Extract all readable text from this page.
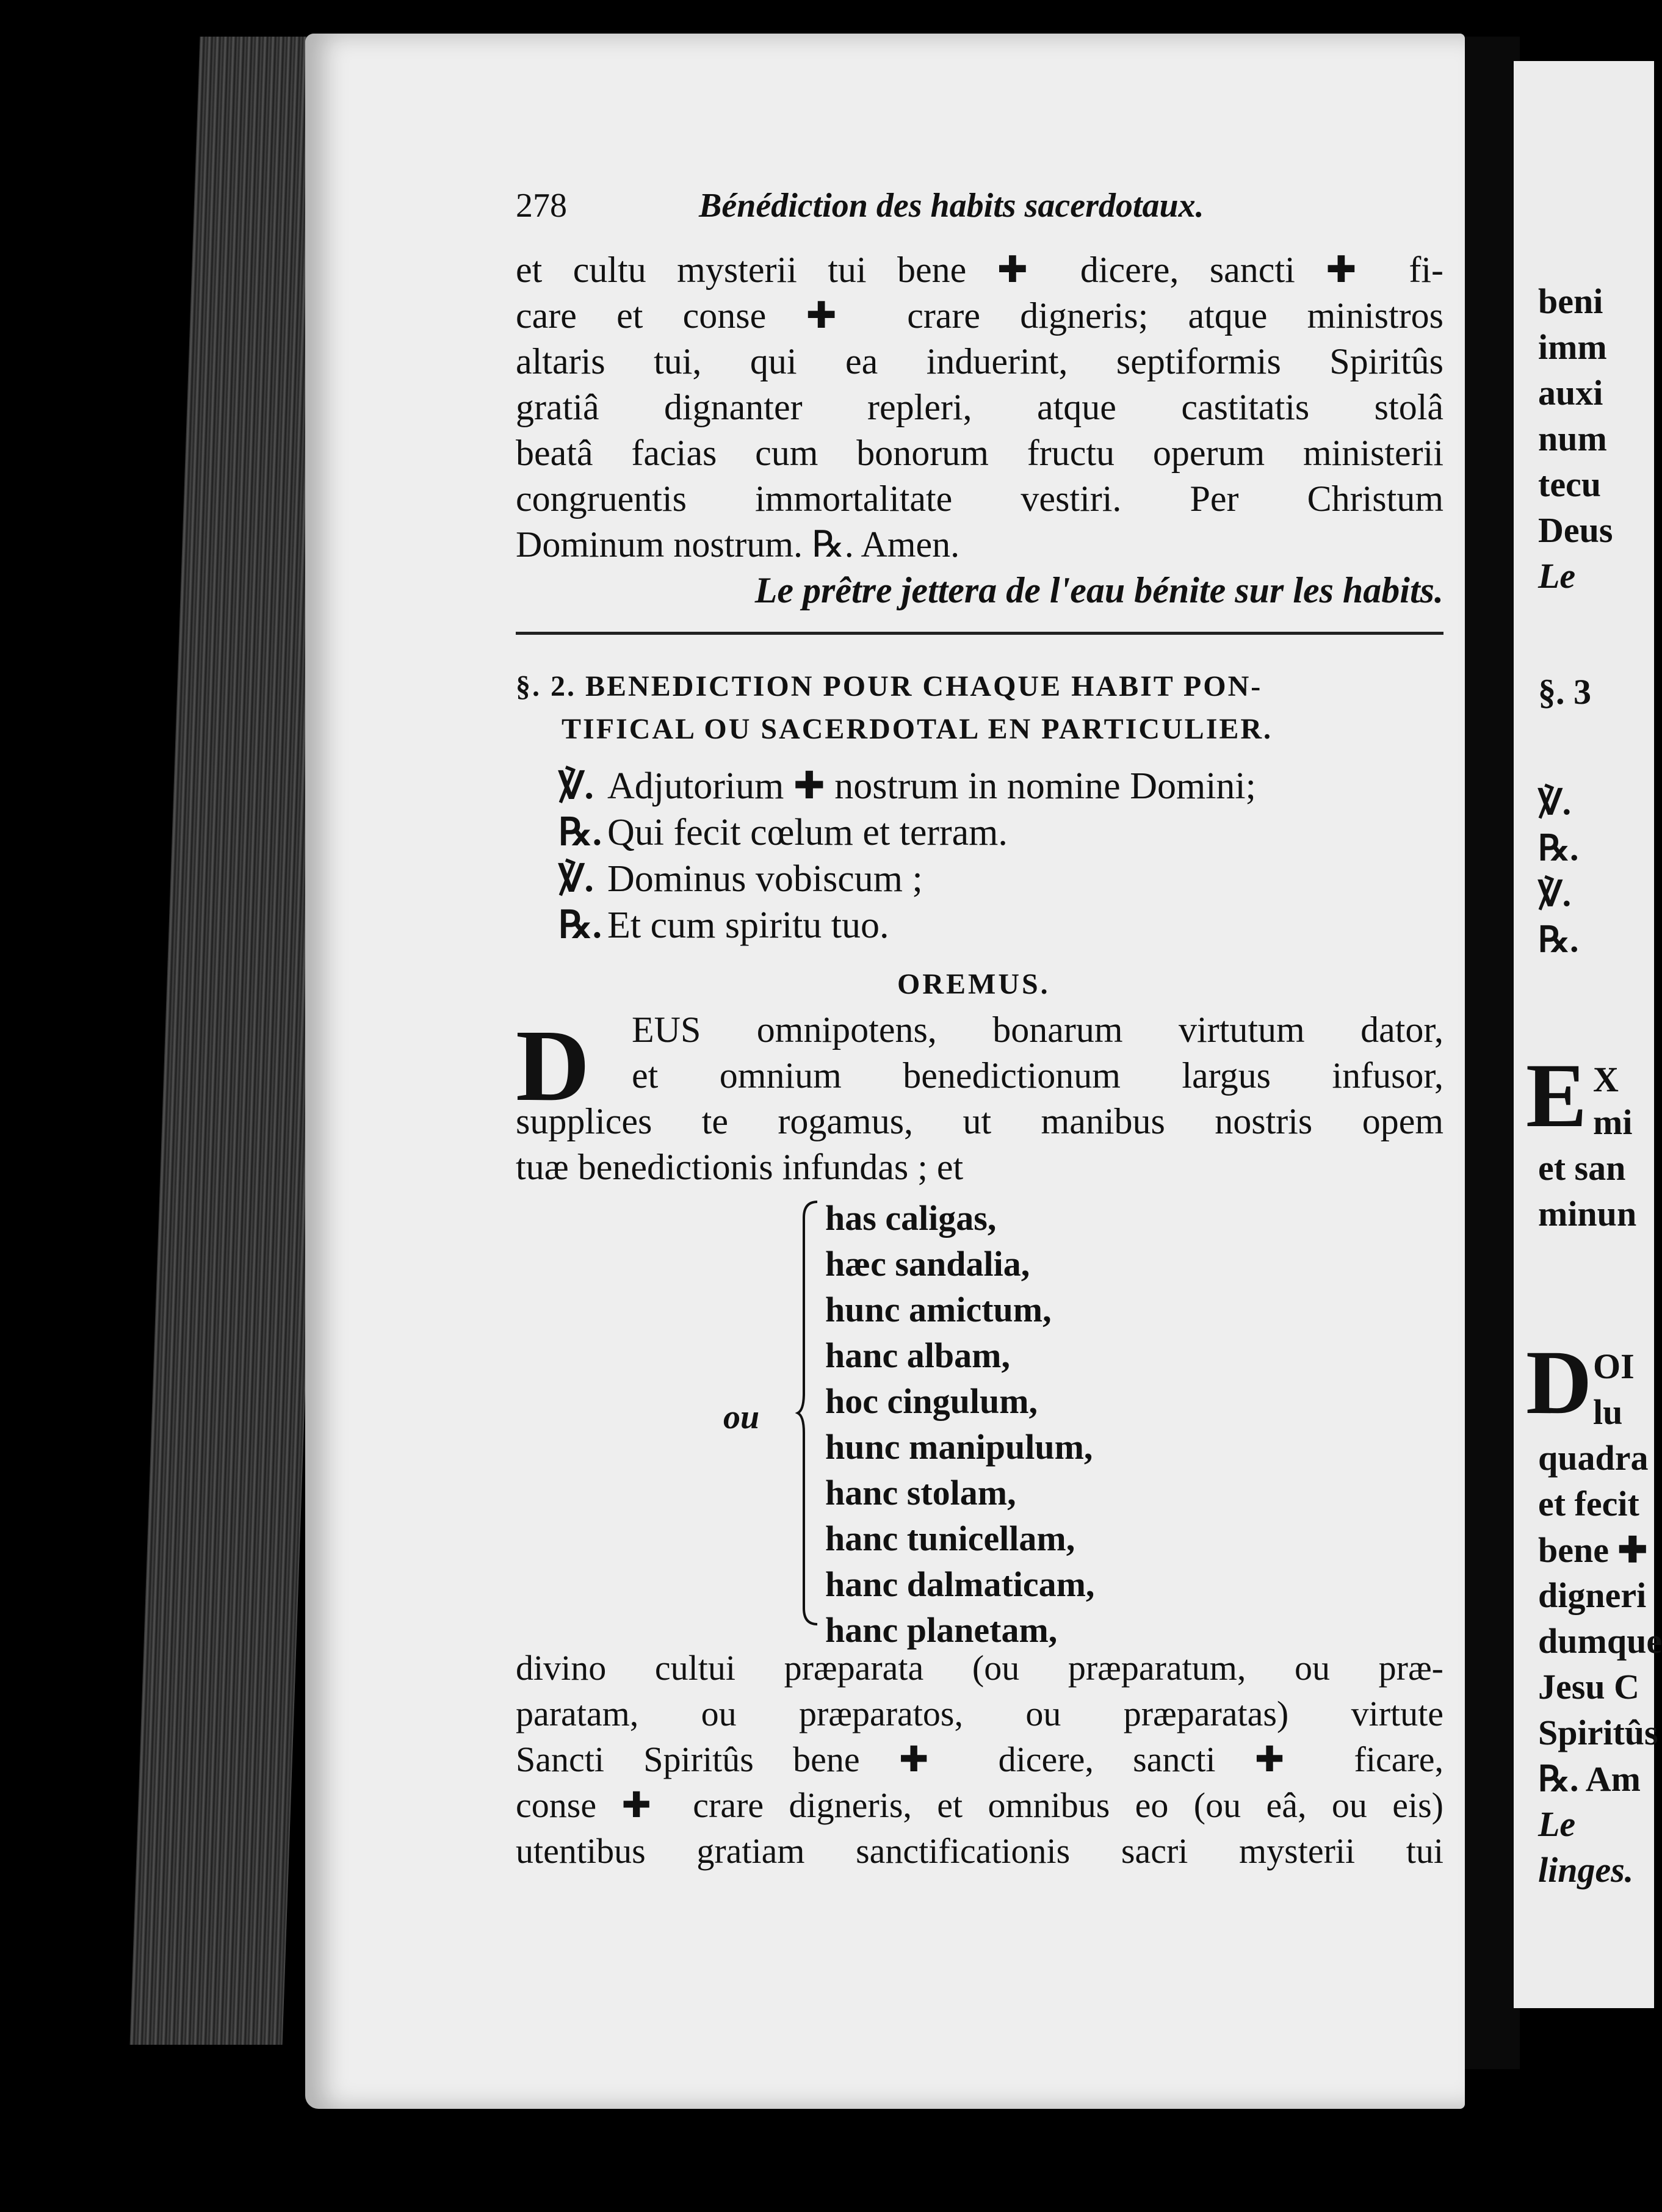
beni
imm
auxi
num
tecu
Deus
Le
§. 3
℣.
℞.
℣.
℞.
E X
mi
et san
minun
D OI
lu
quadra
et fecit
bene ✚
digneri
dumque
Jesu C
Spiritûs
℞. Am
Le
linges.
278	Bénédiction des habits sacerdotaux.
et cultu mysterii tui bene ✚ dicere, sancti ✚ fi-
care et conse ✚ crare digneris; atque ministros
altaris tui, qui ea induerint, septiformis Spiritûs
gratiâ dignanter repleri, atque castitatis stolâ
beatâ facias cum bonorum fructu operum ministerii
congruentis immortalitate vestiri. Per Christum
Dominum nostrum. ℞. Amen.
Le prêtre jettera de l'eau bénite sur les habits.
§. 2. BENEDICTION POUR CHAQUE HABIT PON-
TIFICAL OU SACERDOTAL EN PARTICULIER.
℣. Adjutorium ✚ nostrum in nomine Domini;
℞. Qui fecit cœlum et terram.
℣. Dominus vobiscum ;
℞. Et cum spiritu tuo.
OREMUS.
D EUS omnipotens, bonarum virtutum dator,
et omnium benedictionum largus infusor,
supplices te rogamus, ut manibus nostris opem
tuæ benedictionis infundas ; et
ou
has caligas,
hæc sandalia,
hunc amictum,
hanc albam,
hoc cingulum,
hunc manipulum,
hanc stolam,
hanc tunicellam,
hanc dalmaticam,
hanc planetam,
divino cultui præparata (ou præparatum, ou præ-
paratam, ou præparatos, ou præparatas) virtute
Sancti Spiritûs bene ✚ dicere, sancti ✚ ficare,
conse ✚ crare digneris, et omnibus eo (ou eâ, ou eis)
utentibus gratiam sanctificationis sacri mysterii tui
